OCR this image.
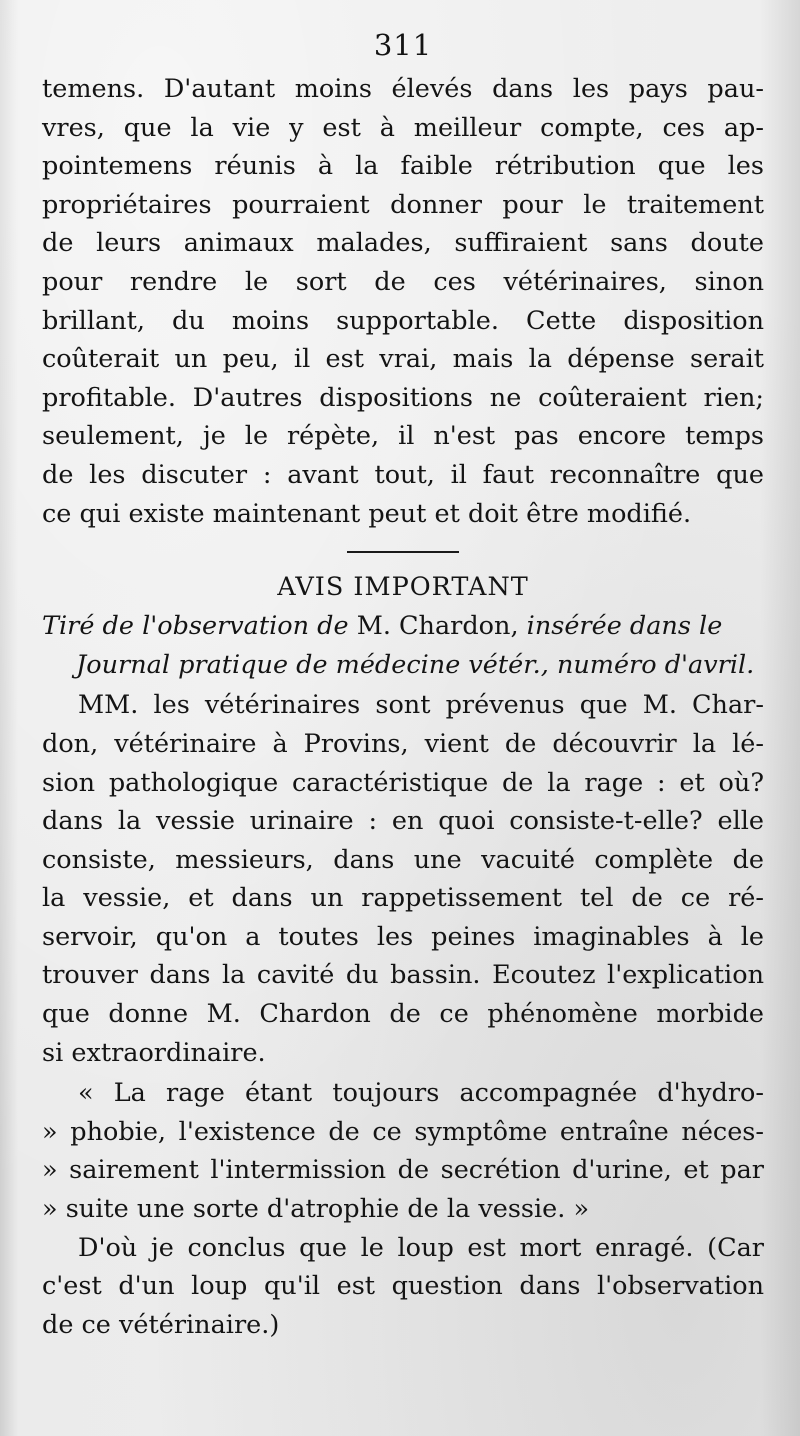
311

temens. D'autant moins élevés dans les pays pau-
vres, que la vie y est à meilleur compte, ces ap-
pointemens réunis à la faible rétribution que les
propriétaires pourraient donner pour le traitement
de leurs animaux malades, suffiraient sans doute
pour rendre le sort de ces vétérinaires, sinon
brillant, du moins supportable. Cette disposition
coûterait un peu, il est vrai, mais la dépense serait
profitable. D'autres dispositions ne coûteraient rien;
seulement, je le répète, il n'est pas encore temps
de les discuter : avant tout, il faut reconnaître que
ce qui existe maintenant peut et doit être modifié.

AVIS IMPORTANT
Tiré de l'observation de M. Chardon, insérée dans le
Journal pratique de médecine vétér., numéro d'avril.

MM. les vétérinaires sont prévenus que M. Char-
don, vétérinaire à Provins, vient de découvrir la lé-
sion pathologique caractéristique de la rage : et où?
dans la vessie urinaire : en quoi consiste-t-elle? elle
consiste, messieurs, dans une vacuité complète de
la vessie, et dans un rappetissement tel de ce ré-
servoir, qu'on a toutes les peines imaginables à le
trouver dans la cavité du bassin. Ecoutez l'explication
que donne M. Chardon de ce phénomène morbide
si extraordinaire.

« La rage étant toujours accompagnée d'hydro-
» phobie, l'existence de ce symptôme entraîne néces-
» sairement l'intermission de secrétion d'urine, et par
» suite une sorte d'atrophie de la vessie. »

D'où je conclus que le loup est mort enragé. (Car
c'est d'un loup qu'il est question dans l'observation
de ce vétérinaire.)
